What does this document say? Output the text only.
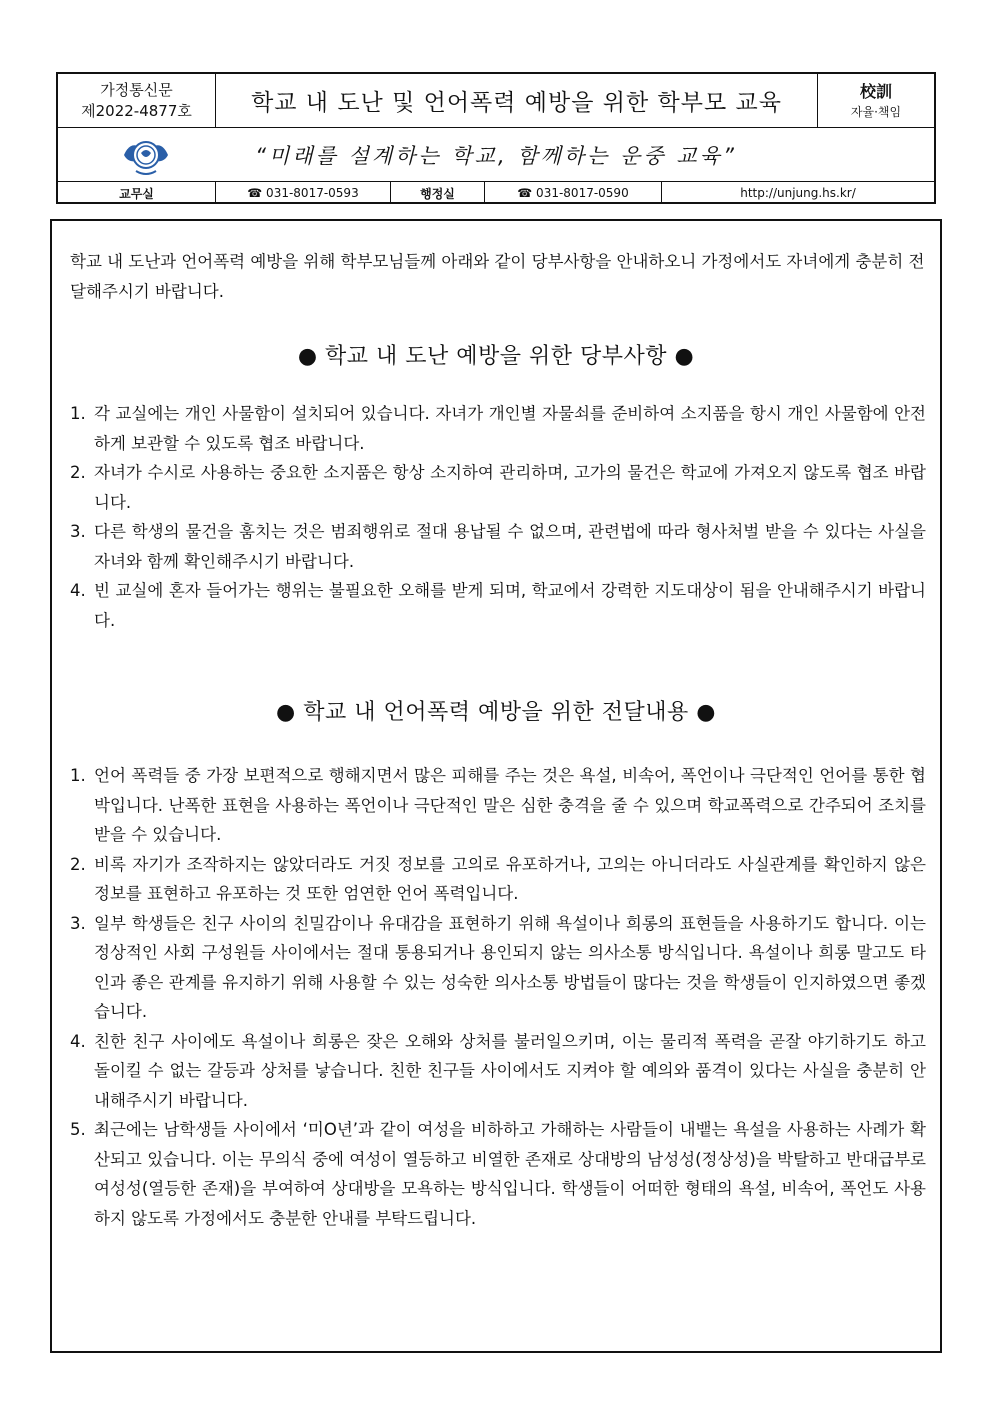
가정통신문
제2022-4877호	학교 내 도난 및 언어폭력 예방을 위한 학부모 교육	校訓
자율·책임
“미래를 설계하는 학교, 함께하는 운중 교육”
교무실	☎ 031-8017-0593	행정실	☎ 031-8017-0590	http://unjung.hs.kr/
학교 내 도난과 언어폭력 예방을 위해 학부모님들께 아래와 같이 당부사항을 안내하오니 가정에서도 자녀에게 충분히 전달해주시기 바랍니다.
● 학교 내 도난 예방을 위한 당부사항 ●
1. 각 교실에는 개인 사물함이 설치되어 있습니다. 자녀가 개인별 자물쇠를 준비하여 소지품을 항시 개인 사물함에 안전하게 보관할 수 있도록 협조 바랍니다.
2. 자녀가 수시로 사용하는 중요한 소지품은 항상 소지하여 관리하며, 고가의 물건은 학교에 가져오지 않도록 협조 바랍니다.
3. 다른 학생의 물건을 훔치는 것은 범죄행위로 절대 용납될 수 없으며, 관련법에 따라 형사처벌 받을 수 있다는 사실을 자녀와 함께 확인해주시기 바랍니다.
4. 빈 교실에 혼자 들어가는 행위는 불필요한 오해를 받게 되며, 학교에서 강력한 지도대상이 됨을 안내해주시기 바랍니다.
● 학교 내 언어폭력 예방을 위한 전달내용 ●
1. 언어 폭력들 중 가장 보편적으로 행해지면서 많은 피해를 주는 것은 욕설, 비속어, 폭언이나 극단적인 언어를 통한 협박입니다. 난폭한 표현을 사용하는 폭언이나 극단적인 말은 심한 충격을 줄 수 있으며 학교폭력으로 간주되어 조치를 받을 수 있습니다.
2. 비록 자기가 조작하지는 않았더라도 거짓 정보를 고의로 유포하거나, 고의는 아니더라도 사실관계를 확인하지 않은 정보를 표현하고 유포하는 것 또한 엄연한 언어 폭력입니다.
3. 일부 학생들은 친구 사이의 친밀감이나 유대감을 표현하기 위해 욕설이나 희롱의 표현들을 사용하기도 합니다. 이는 정상적인 사회 구성원들 사이에서는 절대 통용되거나 용인되지 않는 의사소통 방식입니다. 욕설이나 희롱 말고도 타인과 좋은 관계를 유지하기 위해 사용할 수 있는 성숙한 의사소통 방법들이 많다는 것을 학생들이 인지하였으면 좋겠습니다.
4. 친한 친구 사이에도 욕설이나 희롱은 잦은 오해와 상처를 불러일으키며, 이는 물리적 폭력을 곧잘 야기하기도 하고 돌이킬 수 없는 갈등과 상처를 낳습니다. 친한 친구들 사이에서도 지켜야 할 예의와 품격이 있다는 사실을 충분히 안내해주시기 바랍니다.
5. 최근에는 남학생들 사이에서 ‘미O년’과 같이 여성을 비하하고 가해하는 사람들이 내뱉는 욕설을 사용하는 사례가 확산되고 있습니다. 이는 무의식 중에 여성이 열등하고 비열한 존재로 상대방의 남성성(정상성)을 박탈하고 반대급부로 여성성(열등한 존재)을 부여하여 상대방을 모욕하는 방식입니다. 학생들이 어떠한 형태의 욕설, 비속어, 폭언도 사용하지 않도록 가정에서도 충분한 안내를 부탁드립니다.
